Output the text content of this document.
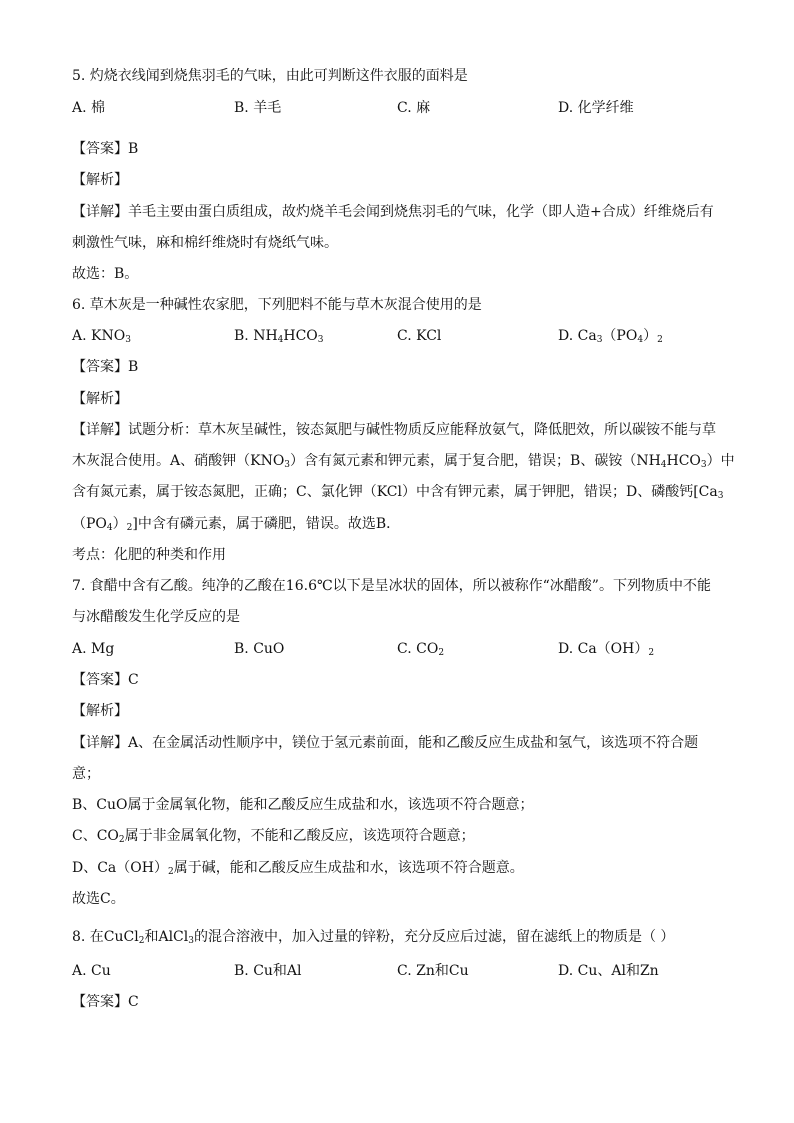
5. 灼烧衣线闻到烧焦羽毛的气味，由此可判断这件衣服的面料是
A. 棉	B. 羊毛	C. 麻	D. 化学纤维
【答案】B
【解析】
【详解】羊毛主要由蛋白质组成，故灼烧羊毛会闻到烧焦羽毛的气味，化学（即人造+合成）纤维烧后有
刺激性气味，麻和棉纤维烧时有烧纸气味。
故选：B。
6. 草木灰是一种碱性农家肥，下列肥料不能与草木灰混合使用的是
A. $KNO_3$	B. $NH_4HCO_3$	C. KCl	D. $Ca_3(PO_4)_2$
【答案】B
【解析】
【详解】试题分析：草木灰呈碱性，铵态氮肥与碱性物质反应能释放氨气，降低肥效，所以碳铵不能与草
木灰混合使用。A、硝酸钾$(KNO_3)$含有氮元素和钾元素，属于复合肥，错误；B、碳铵$(NH_4HCO_3)$中
含有氮元素，属于铵态氮肥，正确；C、氯化钾（KCl）中含有钾元素，属于钾肥，错误；D、磷酸钙[$Ca_3$
$(PO_4)_2$]中含有磷元素，属于磷肥，错误。故选B．
考点：化肥的种类和作用
7. 食醋中含有乙酸。纯净的乙酸在16.6℃以下是呈冰状的固体，所以被称作“冰醋酸”。下列物质中不能
与冰醋酸发生化学反应的是
A. Mg	B. CuO	C. $CO_2$	D. $Ca(OH)_2$
【答案】C
【解析】
【详解】A、在金属活动性顺序中，镁位于氢元素前面，能和乙酸反应生成盐和氢气，该选项不符合题
意；
B、CuO属于金属氧化物，能和乙酸反应生成盐和水，该选项不符合题意；
C、$CO_2$属于非金属氧化物，不能和乙酸反应，该选项符合题意；
D、$Ca(OH)_2$属于碱，能和乙酸反应生成盐和水，该选项不符合题意。
故选C。
8. 在CuCl$_2$和AlCl$_3$的混合溶液中，加入过量的锌粉，充分反应后过滤，留在滤纸上的物质是（ ）
A. Cu	B. Cu和Al	C. Zn和Cu	D. Cu、Al和Zn
【答案】C
